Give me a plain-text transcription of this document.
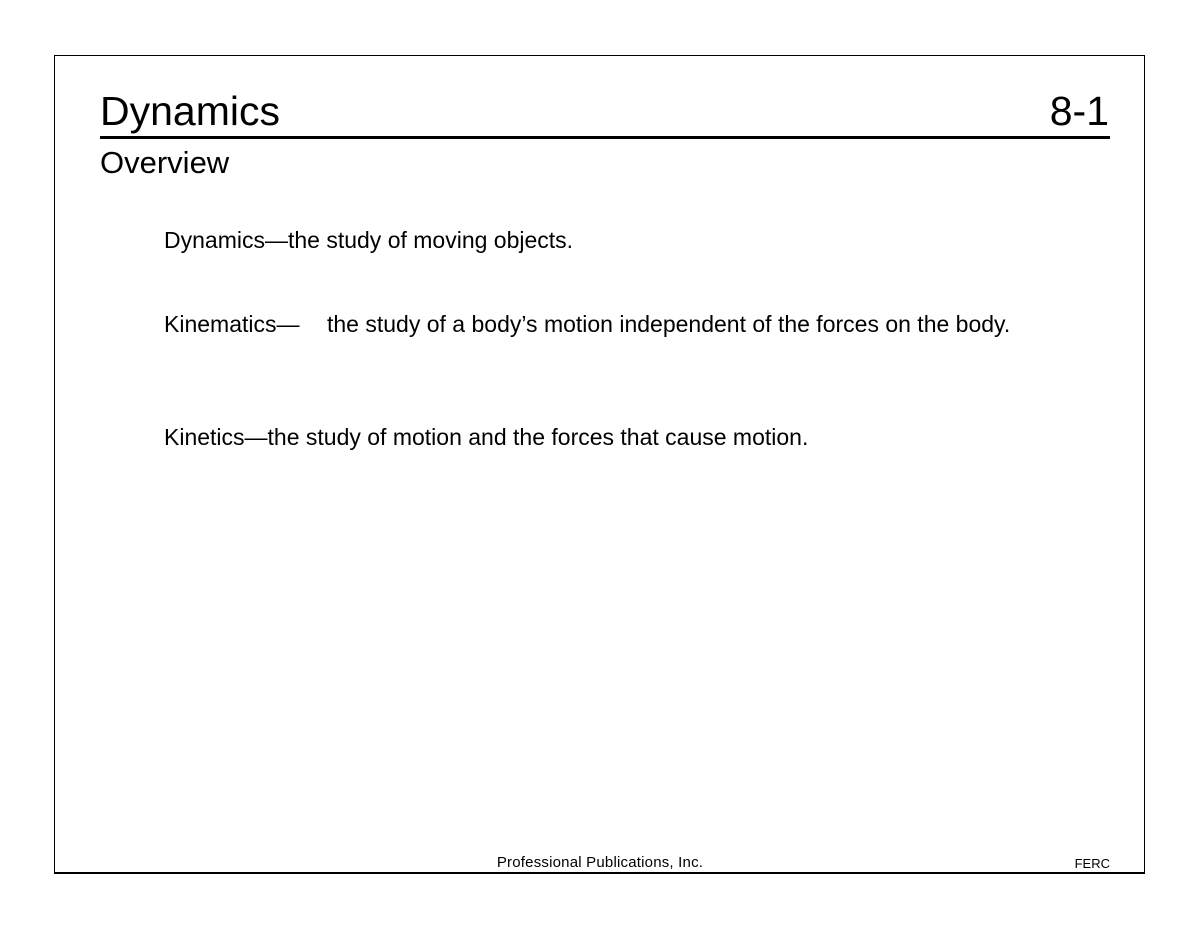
Dynamics	8-1
Overview
Dynamics—the study of moving objects.
Kinematics— the study of a body’s motion independent of the forces on the body.
Kinetics—the study of motion and the forces that cause motion.
Professional Publications, Inc.	FERC
